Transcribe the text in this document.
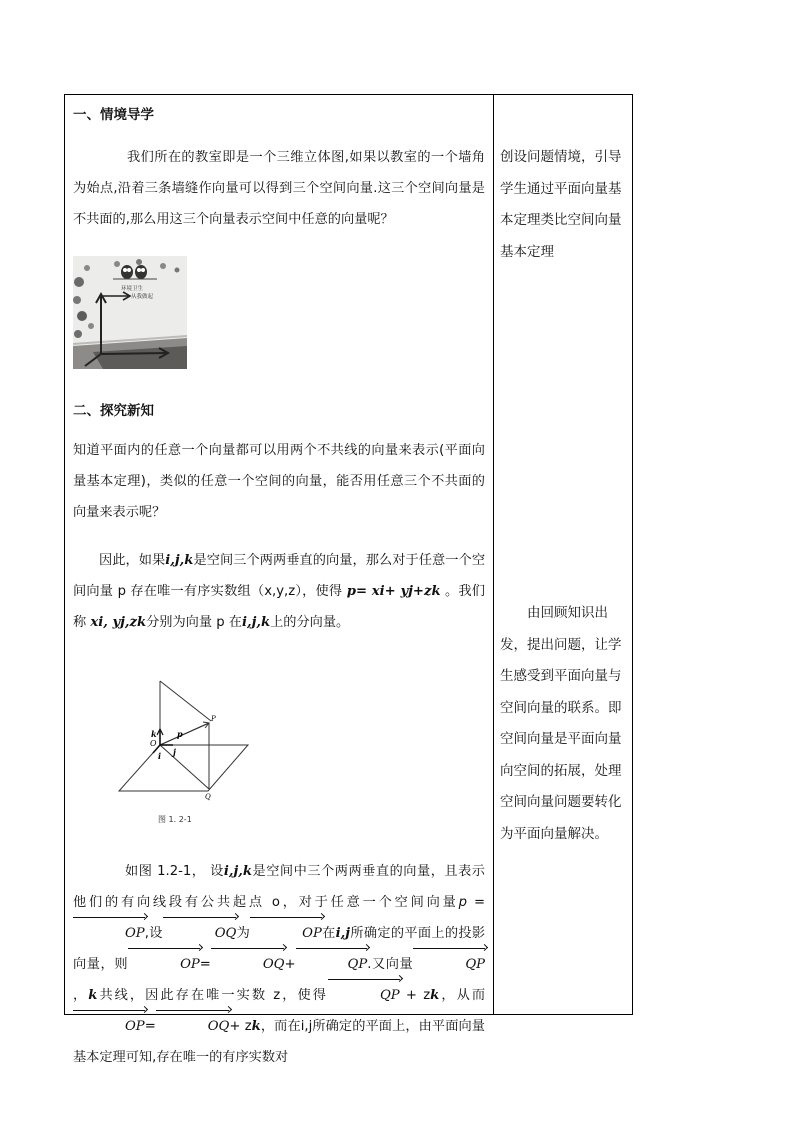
一、情境导学
我们所在的教室即是一个三维立体图,如果以教室的一个墙角为始点,沿着三条墙缝作向量可以得到三个空间向量.这三个空间向量是不共面的,那么用这三个向量表示空间中任意的向量呢？
环境卫生
从我做起
二、探究新知
知道平面内的任意一个向量都可以用两个不共线的向量来表示(平面向量基本定理)，类似的任意一个空间的向量，能否用任意三个不共面的向量来表示呢？
因此，如果i,j,k是空间三个两两垂直的向量，那么对于任意一个空间向量 p 存在唯一有序实数组（x,y,z），使得 p= xi+ yj+zk 。我们称 xi, yj,zk分别为向量 p 在i,j,k上的分向量。
k	p
P
O
i j
Q
图 1. 2-1
如图 1.2-1， 设i,j,k是空间中三个两两垂直的向量，且表示他们的有向线段有公共起点 o，对于任意一个空间向量p = OP,设	OQ为	OP在i,j所确定的平面上的投影向量，则	OP=	OQ+	QP.又向量	QP，k共线，因此存在唯一实数 z，使得	QP + zk，从而OP=	OQ+ zk，而在i,j所确定的平面上，由平面向量基本定理可知,存在唯一的有序实数对
创设问题情境，引导学生通过平面向量基本定理类比空间向量基本定理
由回顾知识出发，提出问题，让学生感受到平面向量与空间向量的联系。即空间向量是平面向量向空间的拓展，处理空间向量问题要转化为平面向量解决。
